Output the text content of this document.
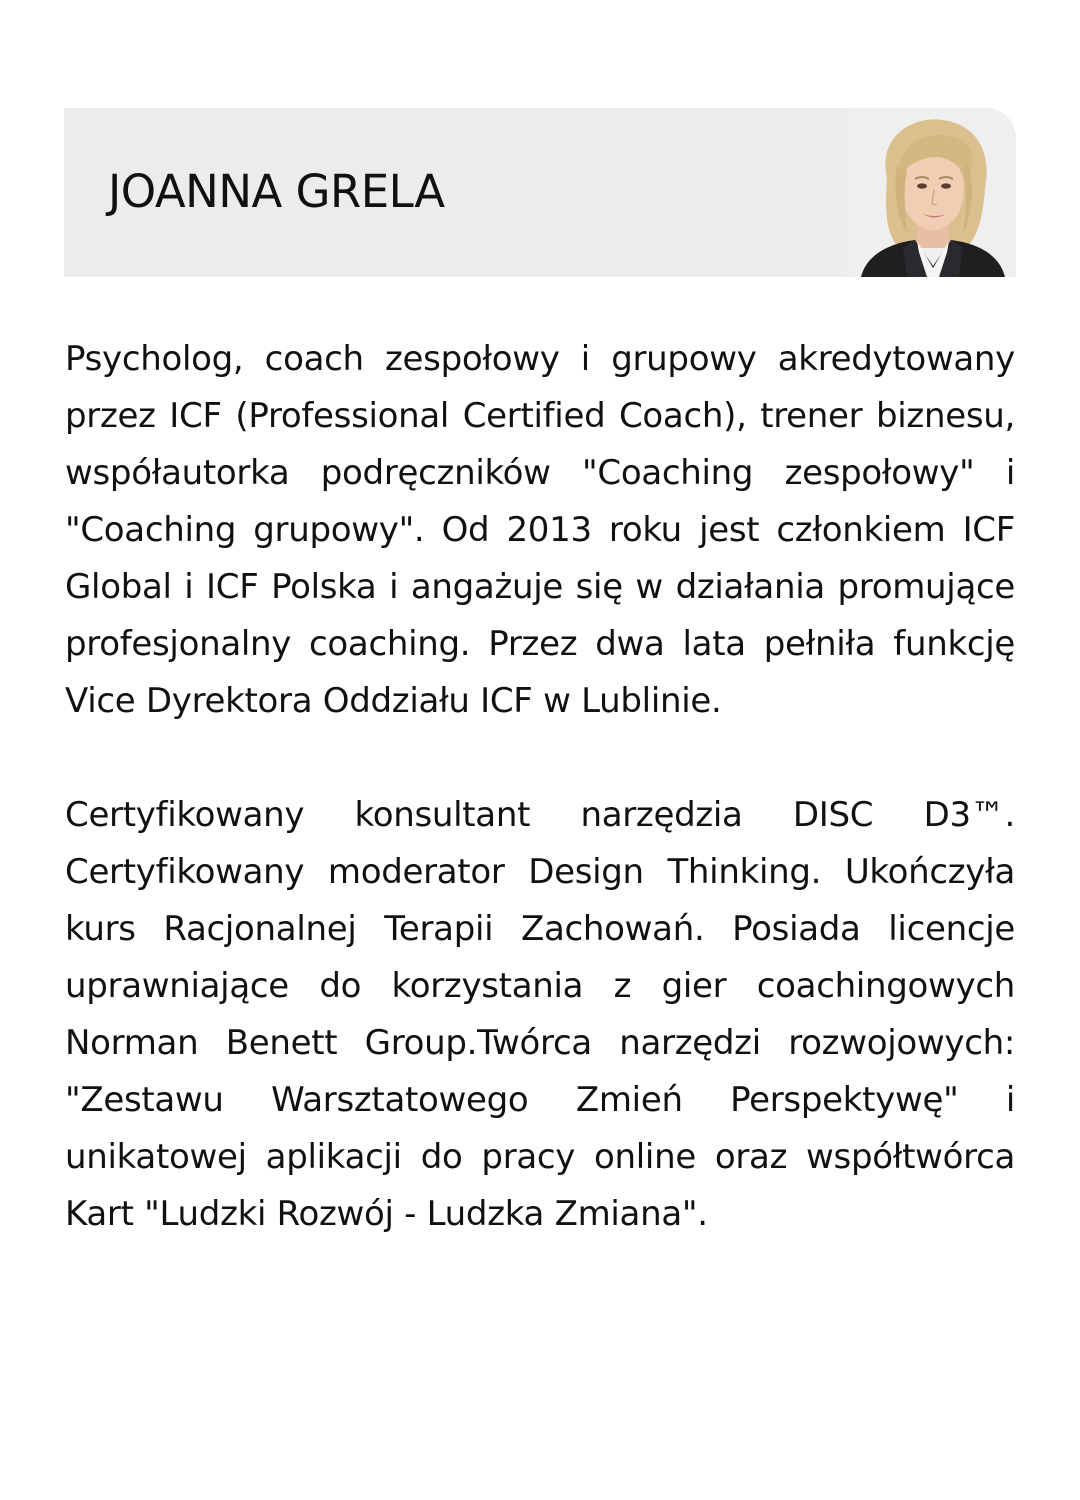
JOANNA GRELA

Psycholog, coach zespołowy i grupowy akredytowany przez ICF (Professional Certified Coach), trener biznesu, współautorka podręczników "Coaching zespołowy" i "Coaching grupowy". Od 2013 roku jest członkiem ICF Global i ICF Polska i angażuje się w działania promujące profesjonalny coaching. Przez dwa lata pełniła funkcję Vice Dyrektora Oddziału ICF w Lublinie.

Certyfikowany konsultant narzędzia DISC D3™. Certyfikowany moderator Design Thinking. Ukończyła kurs Racjonalnej Terapii Zachowań. Posiada licencje uprawniające do korzystania z gier coachingowych Norman Benett Group.Twórca narzędzi rozwojowych: "Zestawu Warsztatowego Zmień Perspektywę" i unikatowej aplikacji do pracy online oraz współtwórca Kart "Ludzki Rozwój - Ludzka Zmiana".
